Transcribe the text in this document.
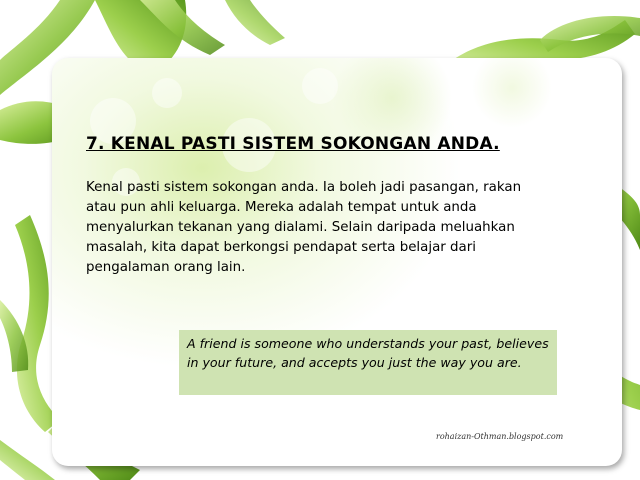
7. KENAL PASTI SISTEM SOKONGAN ANDA.

Kenal pasti sistem sokongan anda. Ia boleh jadi pasangan, rakan atau pun ahli keluarga. Mereka adalah tempat untuk anda menyalurkan tekanan yang dialami. Selain daripada meluahkan masalah, kita dapat berkongsi pendapat serta belajar dari pengalaman orang lain.

A friend is someone who understands your past, believes in your future, and accepts you just the way you are.

rohaizan-Othman.blogspot.com
